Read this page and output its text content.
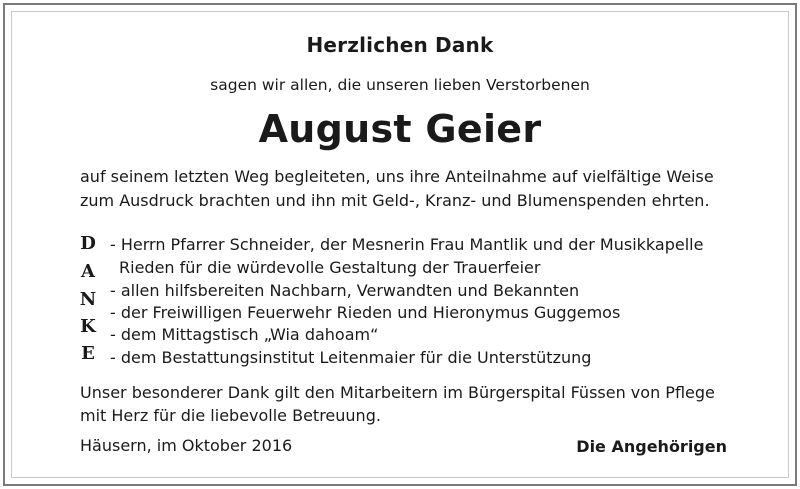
Herzlichen Dank
sagen wir allen, die unseren lieben Verstorbenen
August Geier
auf seinem letzten Weg begleiteten, uns ihre Anteilnahme auf vielfältige Weise
zum Ausdruck brachten und ihn mit Geld-, Kranz- und Blumenspenden ehrten.
D
A
N
K
E
- Herrn Pfarrer Schneider, der Mesnerin Frau Mantlik und der Musikkapelle
Rieden für die würdevolle Gestaltung der Trauerfeier
- allen hilfsbereiten Nachbarn, Verwandten und Bekannten
- der Freiwilligen Feuerwehr Rieden und Hieronymus Guggemos
- dem Mittagstisch „Wia dahoam“
- dem Bestattungsinstitut Leitenmaier für die Unterstützung
Unser besonderer Dank gilt den Mitarbeitern im Bürgerspital Füssen von Pflege
mit Herz für die liebevolle Betreuung.
Häusern, im Oktober 2016	Die Angehörigen
